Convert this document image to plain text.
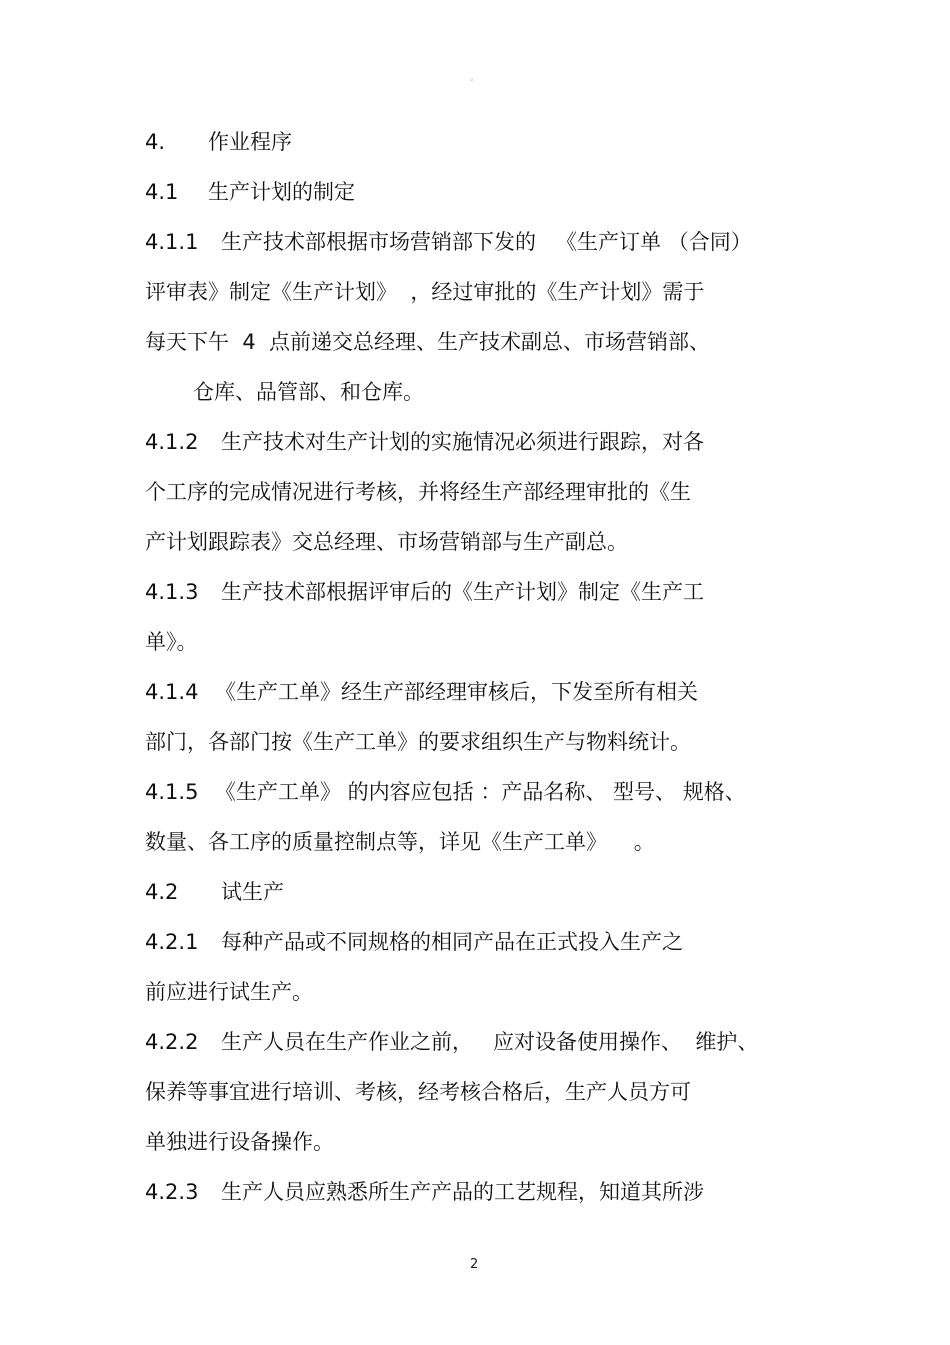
。
4. 作业程序
4.1 生产计划的制定
4.1.1 生产技术部根据市场营销部下发的   《生产订单 （合同）
评审表》制定《生产计划》  ，经过审批的《生产计划》需于
每天下午  4  点前递交总经理、生产技术副总、市场营销部、
仓库、品管部、和仓库。
4.1.2 生产技术对生产计划的实施情况必须进行跟踪，对各
个工序的完成情况进行考核，并将经生产部经理审批的《生
产计划跟踪表》交总经理、市场营销部与生产副总。
4.1.3 生产技术部根据评审后的《生产计划》制定《生产工
单》。
4.1.4 《生产工单》经生产部经理审核后，下发至所有相关
部门，各部门按《生产工单》的要求组织生产与物料统计。
4.1.5 《生产工单》 的内容应包括 ：产品名称、 型号、 规格、
数量、各工序的质量控制点等，详见《生产工单》    。
4.2 试生产
4.2.1 每种产品或不同规格的相同产品在正式投入生产之
前应进行试生产。
4.2.2 生产人员在生产作业之前，   应对设备使用操作、  维护、
保养等事宜进行培训、考核，经考核合格后，生产人员方可
单独进行设备操作。
4.2.3 生产人员应熟悉所生产产品的工艺规程，知道其所涉
2
